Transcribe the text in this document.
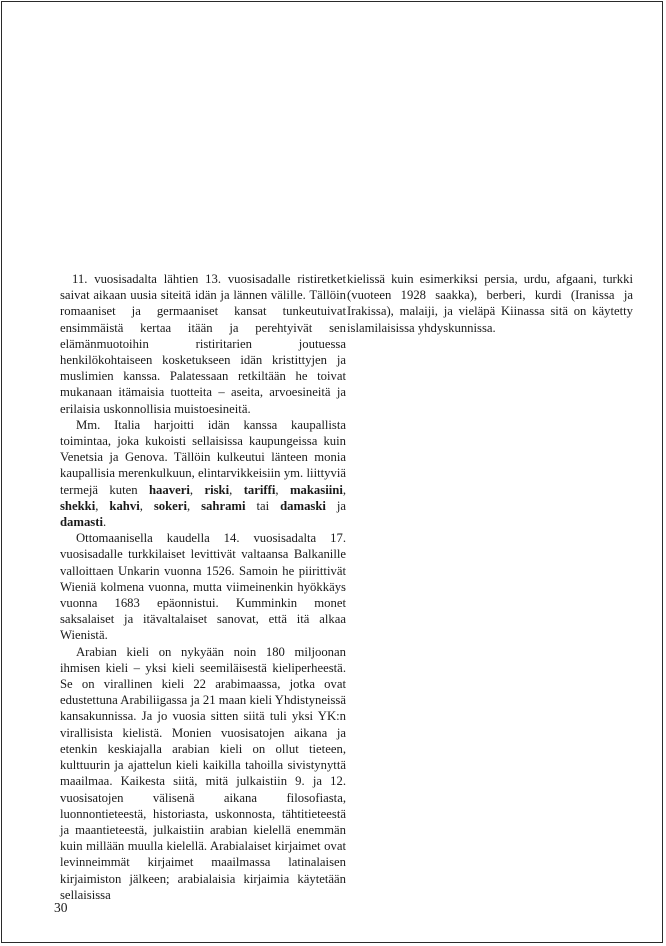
11. vuosisadalta lähtien 13. vuosisadalle ristiretket saivat aikaan uusia siteitä idän ja lännen välille. Tällöin romaaniset ja germaaniset kansat tunkeutuivat ensimmäistä kertaa itään ja perehtyivät sen elämänmuotoihin ristiritarien joutuessa henkilökohtaiseen kosketukseen idän kristittyjen ja muslimien kanssa. Palatessaan retkiltään he toivat mukanaan itämaisia tuotteita – aseita, arvoesineitä ja erilaisia uskonnollisia muistoesineitä.

Mm. Italia harjoitti idän kanssa kaupallista toimintaa, joka kukoisti sellaisissa kaupungeissa kuin Venetsia ja Genova. Tällöin kulkeutui länteen monia kaupallisia merenkulkuun, elintarvikkeisiin ym. liittyviä termejä kuten haaveri, riski, tariffi, makasiini, shekki, kahvi, sokeri, sahrami tai damaski ja damasti.

Ottomaanisella kaudella 14. vuosisadalta 17. vuosisadalle turkkilaiset levittivät valtaansa Balkanille valloittaen Unkarin vuonna 1526. Samoin he piirittivät Wieniä kolmena vuonna, mutta viimeinenkin hyökkäys vuonna 1683 epäonnistui. Kumminkin monet saksalaiset ja itävaltalaiset sanovat, että itä alkaa Wienistä.

Arabian kieli on nykyään noin 180 miljoonan ihmisen kieli – yksi kieli seemiläisestä kieliperheestä. Se on virallinen kieli 22 arabimaassa, jotka ovat edustettuna Arabiliigassa ja 21 maan kieli Yhdistyneissä kansakunnissa. Ja jo vuosia sitten siitä tuli yksi YK:n virallisista kielistä. Monien vuosisatojen aikana ja etenkin keskiajalla arabian kieli on ollut tieteen, kulttuurin ja ajattelun kieli kaikilla tahoilla sivistynyttä maailmaa. Kaikesta siitä, mitä julkaistiin 9. ja 12. vuosisatojen välisenä aikana filosofiasta, luonnontieteestä, historiasta, uskonnosta, tähtitieteestä ja maantieteestä, julkaistiin arabian kielellä enemmän kuin millään muulla kielellä. Arabialaiset kirjaimet ovat levinneimmät kirjaimet maailmassa latinalaisen kirjaimiston jälkeen; arabialaisia kirjaimia käytetään sellaisissa

kielissä kuin esimerkiksi persia, urdu, afgaani, turkki (vuoteen 1928 saakka), berberi, kurdi (Iranissa ja Irakissa), malaiji, ja vieläpä Kiinassa sitä on käytetty islamilaisissa yhdyskunnissa.

30
